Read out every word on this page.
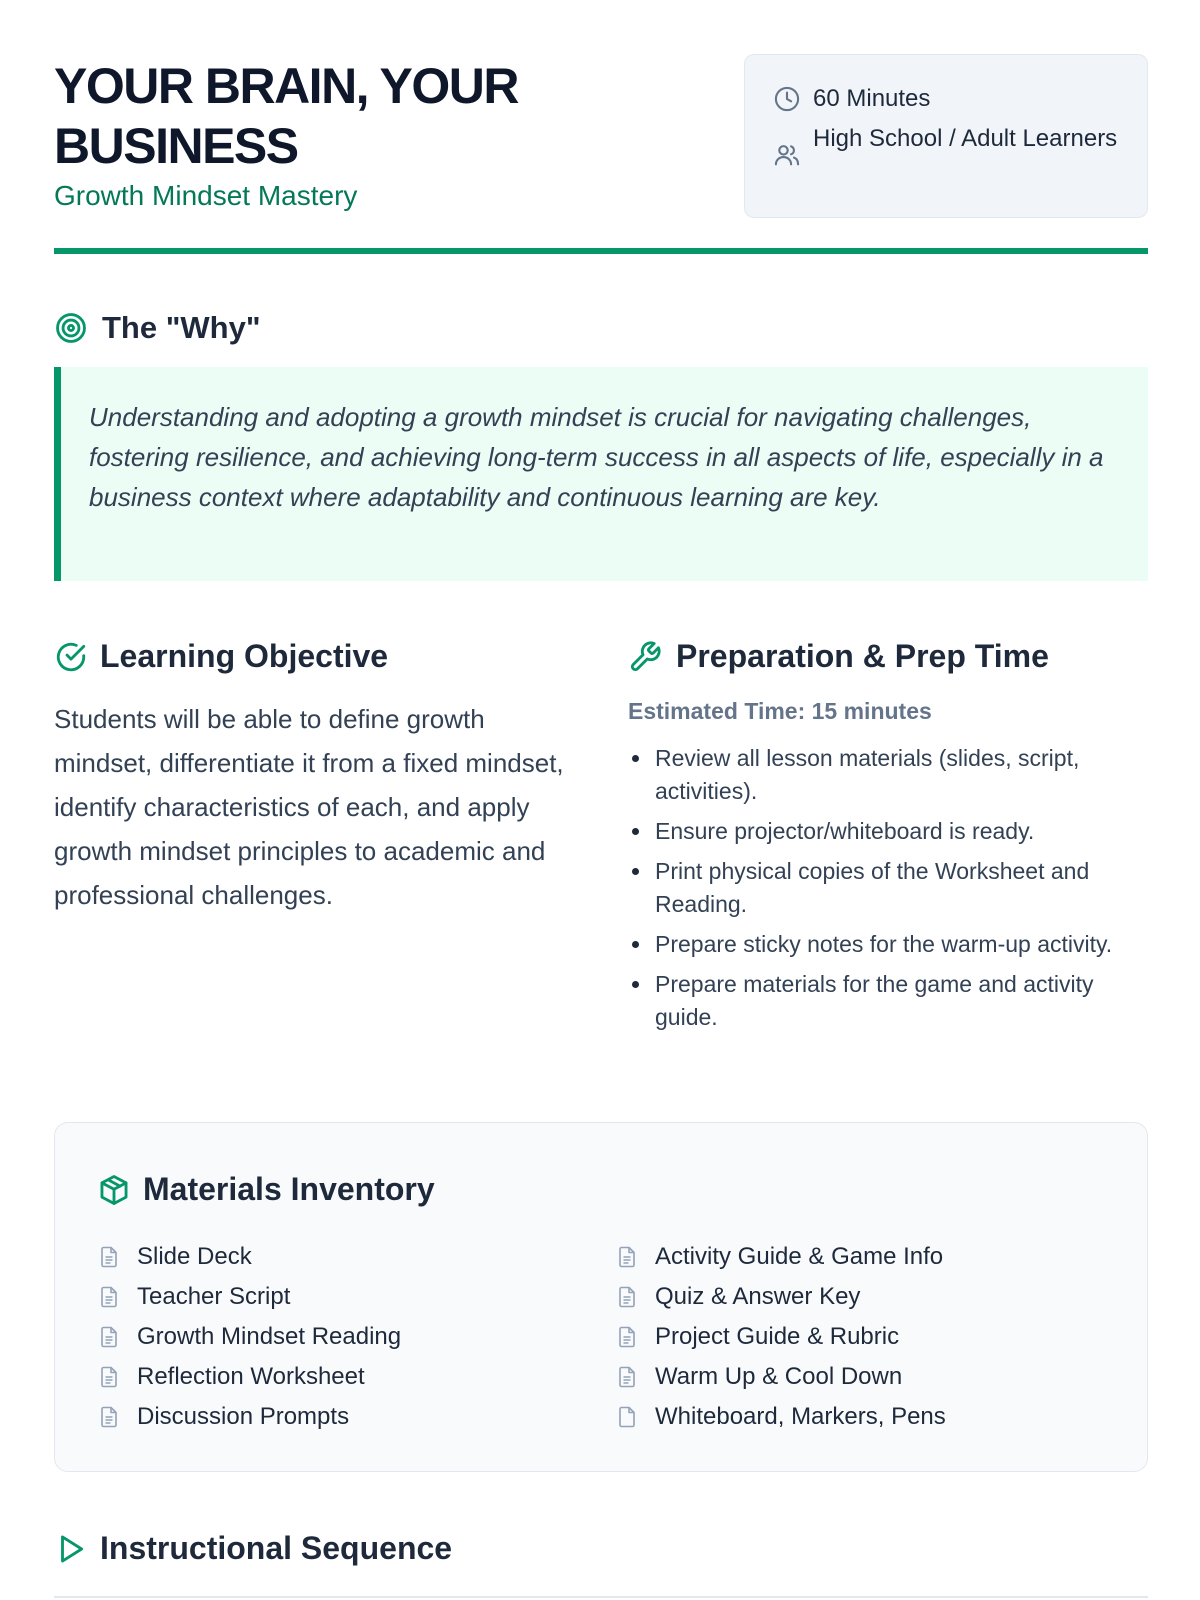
YOUR BRAIN, YOUR BUSINESS
Growth Mindset Mastery
60 Minutes
High School / Adult Learners
The "Why"

Understanding and adopting a growth mindset is crucial for navigating challenges, fostering resilience, and achieving long-term success in all aspects of life, especially in a business context where adaptability and continuous learning are key.

Learning Objective

Students will be able to define growth mindset, differentiate it from a fixed mindset, identify characteristics of each, and apply growth mindset principles to academic and professional challenges.

Preparation & Prep Time
Estimated Time: 15 minutes
Review all lesson materials (slides, script, activities).
Ensure projector/whiteboard is ready.
Print physical copies of the Worksheet and Reading.
Prepare sticky notes for the warm-up activity.
Prepare materials for the game and activity guide.
Materials Inventory
Slide Deck
Teacher Script
Growth Mindset Reading
Reflection Worksheet
Discussion Prompts
Activity Guide & Game Info
Quiz & Answer Key
Project Guide & Rubric
Warm Up & Cool Down
Whiteboard, Markers, Pens
Instructional Sequence
